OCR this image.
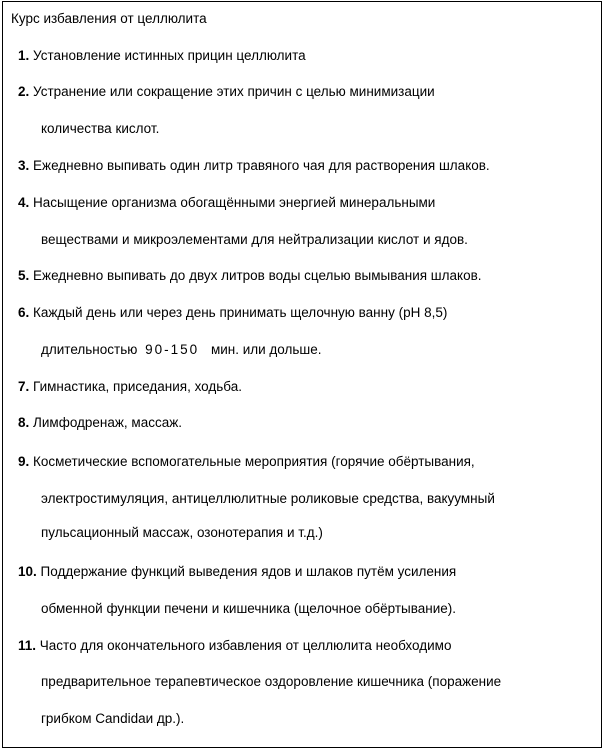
Курс избавления от целлюлита
1. Установление истинных прицин целлюлита
2. Устранение или сокращение этих причин с целью минимизации
количества кислот.
3. Ежедневно выпивать один литр травяного чая для растворения шлаков.
4. Насыщение организма обогащёнными энергией минеральными
веществами и микроэлементами для нейтрализации кислот и ядов.
5. Ежедневно выпивать до двух литров воды сцелью вымывания шлаков.
6. Каждый день или через день принимать щелочную ванну (pH 8,5)
длительностью 90-150 мин. или дольше.
7. Гимнастика, приседания, ходьба.
8. Лимфодренаж, массаж.
9. Косметические вспомогательные мероприятия (горячие обёртывания,
электростимуляция, антицеллюлитные роликовые средства, вакуумный
пульсационный массаж, озонотерапия и т.д.)
10. Поддержание функций выведения ядов и шлаков путём усиления
обменной функции печени и кишечника (щелочное обёртывание).
11. Часто для окончательного избавления от целлюлита необходимо
предварительное терапевтическое оздоровление кишечника (поражение
грибком Candidaи др.).
